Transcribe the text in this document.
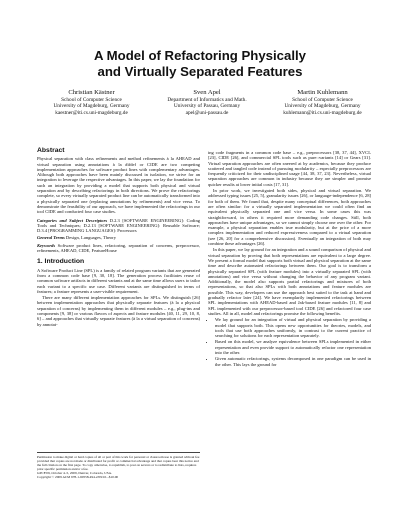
A Model of Refactoring Physically
and Virtually Separated Features
Christian Kästner
School of Computer Science
University of Magdeburg, Germany
kaestner@iti.cs.uni-magdeburg.de
Sven Apel
Department of Informatics and Math.
University of Passau, Germany
apel@uni-passau.de
Martin Kuhlemann
School of Computer Science
University of Magdeburg, Germany
kuhlemann@iti.cs.uni-magdeburg.de
Abstract

Physical separation with class refinements and method refinements à la AHEAD and virtual separation using annotations à la #ifdef or CIDE are two competing implementation approaches for software product lines with complementary advantages. Although both approaches have been mainly discussed in isolation, we strive for an integration to leverage the respective advantages. In this paper, we lay the foundation for such an integration by providing a model that supports both physical and virtual separation and by describing refactorings in both directions. We prove the refactorings complete, so every virtually separated product line can be automatically transformed into a physically separated one (replacing annotations by refinements) and vice versa. To demonstrate the feasibility of our approach, we have implemented the refactorings in our tool CIDE and conducted four case studies.

Categories and Subject Descriptors D.2.3 [SOFTWARE ENGINEERING]: Coding Tools and Techniques; D.2.13 [SOFTWARE ENGINEERING]: Reusable Software; D.3.4 [PROGRAMMING LANGUAGES]: Processors
General Terms Design, Languages, Theory
Keywords Software product lines, refactoring, separation of concerns, preprocessor, refinements, AHEAD, CIDE, FeatureHouse
1. Introduction

A Software Product Line (SPL) is a family of related program variants that are generated from a common code base [9, 30, 18]. The generation process facilitates reuse of common software artifacts in different variants and at the same time allows users to tailor each variant to a specific use case. Different variants are distinguished in terms of features; a feature represents a user-visible requirement.

There are many different implementation approaches for SPLs. We distinguish [26] between implementation approaches that physically separate features (à la a physical separation of concerns) by implementing them in different modules – e.g., plug-ins and components [9, 38] or various flavors of aspects and feature modules [40, 11, 29, 10, 8, 6] – and approaches that virtually separate features (à la a virtual separation of concerns) by annotat-

Permission to make digital or hard copies of all or part of this work for personal or classroom use is granted without fee provided that copies are not made or distributed for profit or commercial advantage and that copies bear this notice and the full citation on the first page. To copy otherwise, to republish, to post on servers or to redistribute to lists, requires prior specific permission and/or a fee.

GPCE'09, October 4–5, 2009, Denver, Colorado, USA.

Copyright © 2009 ACM 978-1-60558-494-2/09/10...$10.00

ing code fragments in a common code base – e.g., preprocessors [38, 37, 44], XVCL [23], CIDE [26], and commercial SPL tools such as pure::variants [14] or Gears [31]. Virtual separation approaches are often sneered at by academics, because they produce scattered and tangled code instead of pursuing modularity – especially preprocessors are frequently criticized for their undisciplined usage [44, 38, 37, 23]. Nevertheless, virtual separation approaches are common in industry because they are simpler and promise quicker results at lower initial costs [17, 31].

In prior work, we investigated both sides, physical and virtual separation. We addressed typing issues [25, 5], granularity issues [26], or language-independence [6, 28] for both of them. We found that, despite many conceptual differences, both approaches are often similar: for a virtually separated implementation we could often find an equivalent physically separated one and vice versa. In some cases this was straightforward, in others it required more demanding code changes. Still, both approaches have unique advantages, so we cannot simply choose one over the other. For example, a physical separation enables true modularity, but at the price of a more complex implementation and reduced expressiveness compared to a virtual separation (see [26, 20] for a comprehensive discussion). Eventually an integration of both may combine these advantages [26].

In this paper, we lay ground for an integration and a sound comparison of physical and virtual separation by proving that both representations are equivalent to a large degree. We present a formal model that supports both virtual and physical separation at the same time and describe automated refactorings between them. Our goal is to transform a physically separated SPL (with feature modules) into a virtually separated SPL (with annotations) and vice versa without changing the behavior of any program variant. Additionally, the model also supports partial refactorings and mixtures of both representations, so that also SPLs with both annotations and feature modules are possible. This way, developers can use the approach best suited to the task at hand and gradually refactor later [24]. We have exemplarily implemented refactorings between SPL implementations with AHEAD-based and Jak-based feature modules [11, 8] and SPL implemented with our preprocessor-based tool CIDE [26] and refactored four case studies. All in all, model and refactorings promise the following benefits.

• We lay ground for an integration of virtual and physical separation by providing a model that supports both. This opens new opportunities for theories, models, and tools that use both approaches uniformly, in contrast to the current practice of searching for solutions for each representation separately.
• Based on this model, we analyze equivalence between SPLs implemented in either representation and even provide support to automatically refactor one representation into the other.
• Given automatic refactorings, systems decomposed in one paradigm can be used in the other. This lays the ground for
